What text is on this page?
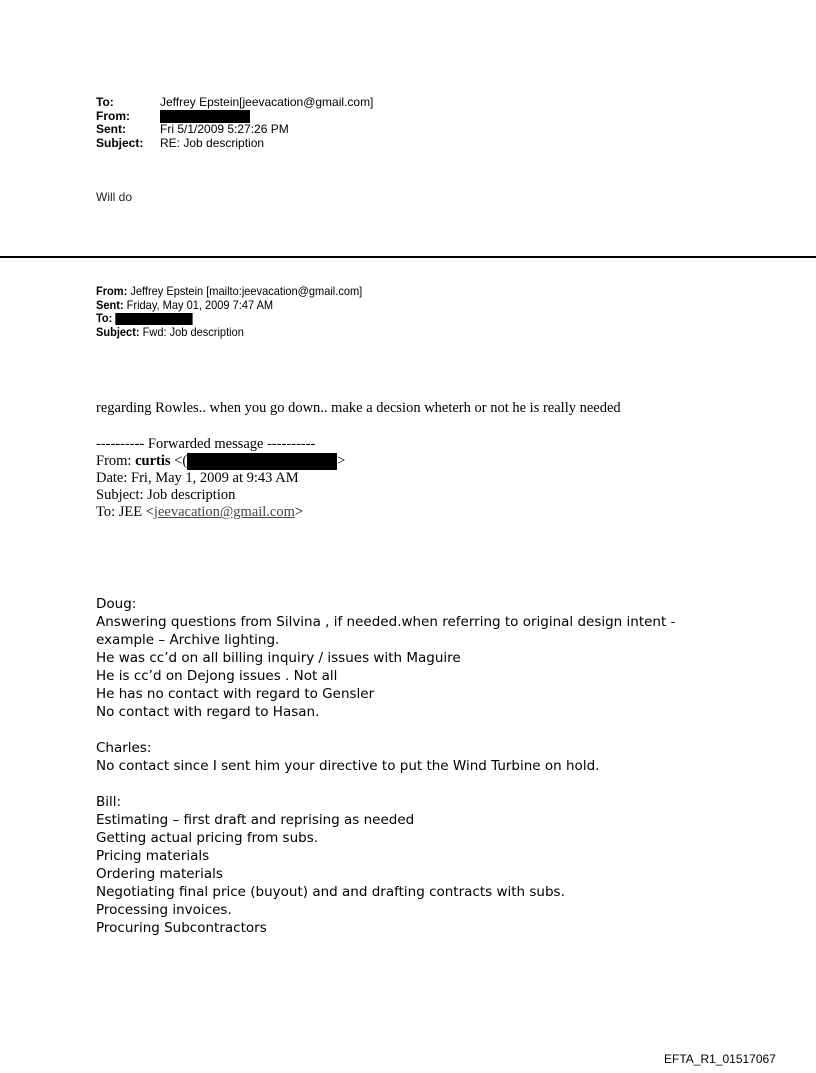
To:	Jeffrey Epstein[jeevacation@gmail.com]
From:
Sent:	Fri 5/1/2009 5:27:26 PM
Subject:	RE: Job description
Will do
From: Jeffrey Epstein [mailto:jeevacation@gmail.com]
Sent: Friday, May 01, 2009 7:47 AM
To:
Subject: Fwd: Job description
regarding Rowles.. when you go down.. make a decsion wheterh or not he is really needed
---------- Forwarded message ----------
From: curtis <(	>
Date: Fri, May 1, 2009 at 9:43 AM
Subject: Job description
To: JEE <jeevacation@gmail.com>
Doug:
Answering questions from Silvina , if needed.when referring to original design intent -
example – Archive lighting.
He was cc’d on all billing inquiry / issues with Maguire
He is cc’d on Dejong issues . Not all
He has no contact with regard to Gensler
No contact with regard to Hasan.
Charles:
No contact since I sent him your directive to put the Wind Turbine on hold.
Bill:
Estimating – first draft and reprising as needed
Getting actual pricing from subs.
Pricing materials
Ordering materials
Negotiating final price (buyout) and and drafting contracts with subs.
Processing invoices.
Procuring Subcontractors
EFTA_R1_01517067
